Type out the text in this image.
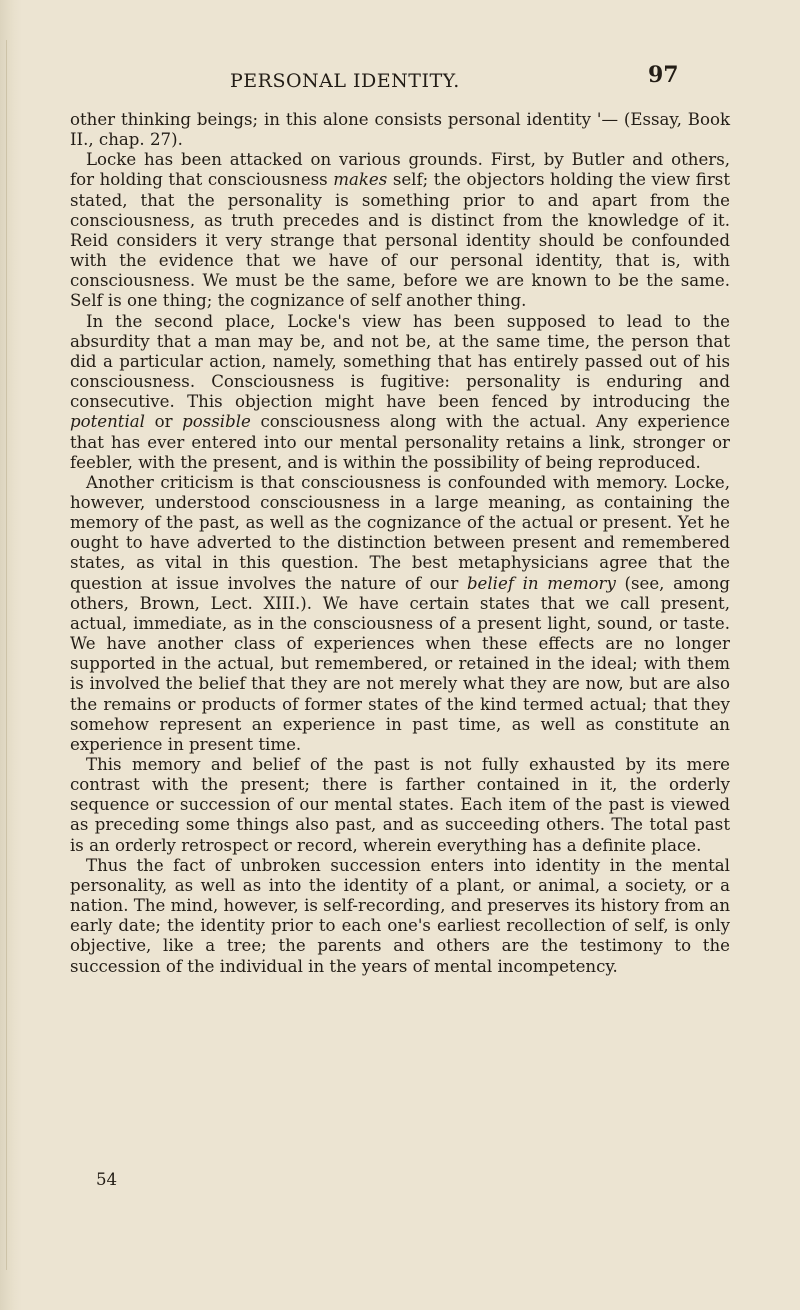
PERSONAL IDENTITY.	97

other thinking beings; in this alone consists personal identity '— (Essay, Book II., chap. 27).

Locke has been attacked on various grounds. First, by Butler and others, for holding that consciousness makes self; the objectors holding the view first stated, that the personality is something prior to and apart from the consciousness, as truth precedes and is distinct from the knowledge of it. Reid considers it very strange that personal identity should be confounded with the evidence that we have of our personal identity, that is, with consciousness. We must be the same, before we are known to be the same. Self is one thing; the cognizance of self another thing.

In the second place, Locke's view has been supposed to lead to the absurdity that a man may be, and not be, at the same time, the person that did a particular action, namely, something that has entirely passed out of his consciousness. Consciousness is fugitive: personality is enduring and consecutive. This objection might have been fenced by introducing the potential or possible consciousness along with the actual. Any experience that has ever entered into our mental personality retains a link, stronger or feebler, with the present, and is within the possibility of being reproduced.

Another criticism is that consciousness is confounded with memory. Locke, however, understood consciousness in a large meaning, as containing the memory of the past, as well as the cognizance of the actual or present. Yet he ought to have adverted to the distinction between present and remembered states, as vital in this question. The best metaphysicians agree that the question at issue involves the nature of our belief in memory (see, among others, Brown, Lect. XIII.). We have certain states that we call present, actual, immediate, as in the consciousness of a present light, sound, or taste. We have another class of experiences when these effects are no longer supported in the actual, but remembered, or retained in the ideal; with them is involved the belief that they are not merely what they are now, but are also the remains or products of former states of the kind termed actual; that they somehow represent an experience in past time, as well as constitute an experience in present time.

This memory and belief of the past is not fully exhausted by its mere contrast with the present; there is farther contained in it, the orderly sequence or succession of our mental states. Each item of the past is viewed as preceding some things also past, and as succeeding others. The total past is an orderly retrospect or record, wherein everything has a definite place.

Thus the fact of unbroken succession enters into identity in the mental personality, as well as into the identity of a plant, or animal, a society, or a nation. The mind, however, is self-recording, and preserves its history from an early date; the identity prior to each one's earliest recollection of self, is only objective, like a tree; the parents and others are the testimony to the succession of the individual in the years of mental incompetency.

54
